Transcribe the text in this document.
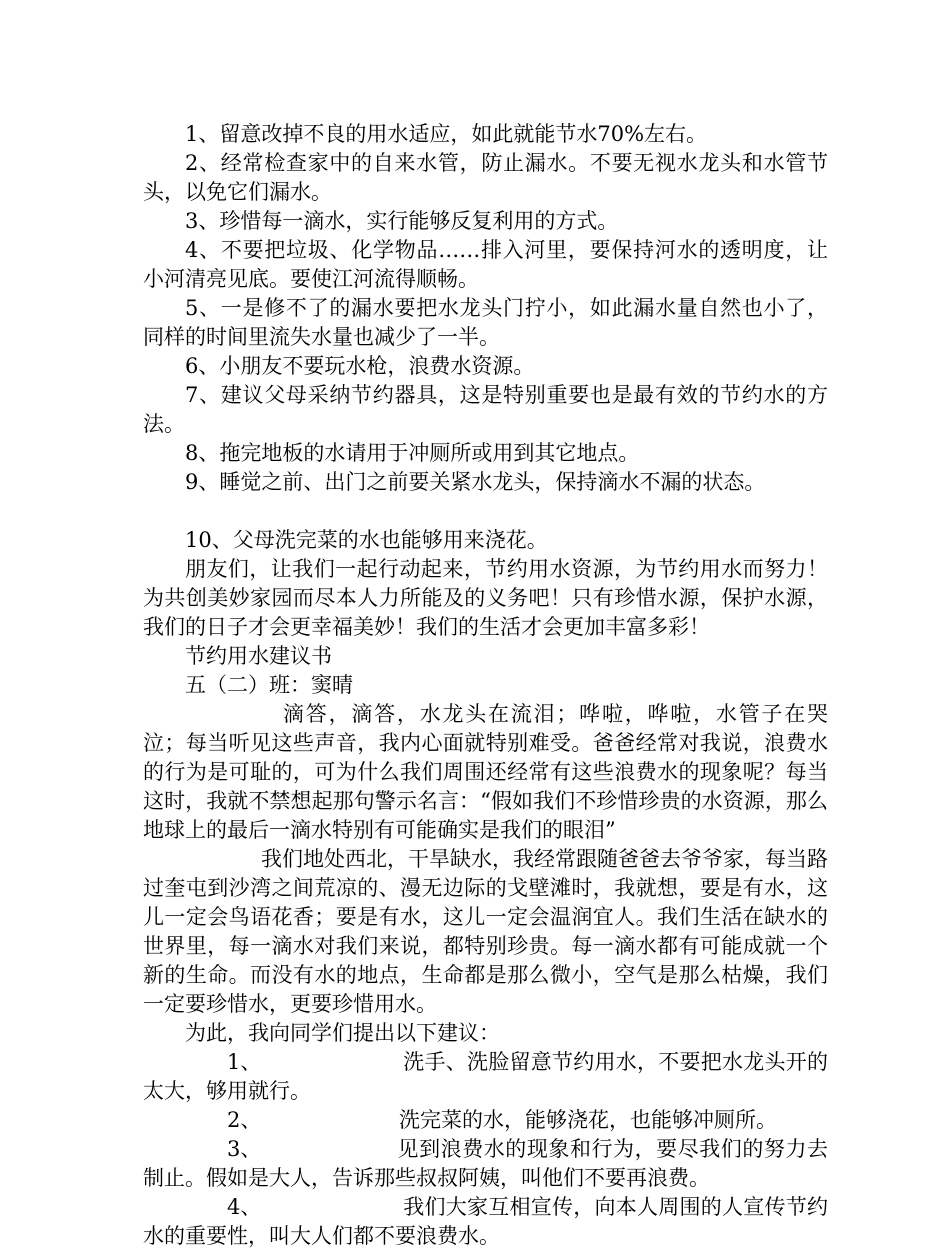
1、留意改掉不良的用水适应，如此就能节水70%左右。

2、经常检查家中的自来水管，防止漏水。不要无视水龙头和水管节头，以免它们漏水。

3、珍惜每一滴水，实行能够反复利用的方式。

4、不要把垃圾、化学物品……排入河里，要保持河水的透明度，让小河清亮见底。要使江河流得顺畅。

5、一是修不了的漏水要把水龙头门拧小，如此漏水量自然也小了，同样的时间里流失水量也减少了一半。

6、小朋友不要玩水枪，浪费水资源。

7、建议父母采纳节约器具，这是特别重要也是最有效的节约水的方法。

8、拖完地板的水请用于冲厕所或用到其它地点。

9、睡觉之前、出门之前要关紧水龙头，保持滴水不漏的状态。

10、父母洗完菜的水也能够用来浇花。

朋友们，让我们一起行动起来，节约用水资源，为节约用水而努力！为共创美妙家园而尽本人力所能及的义务吧！只有珍惜水源，保护水源，我们的日子才会更幸福美妙！我们的生活才会更加丰富多彩！

节约用水建议书

五（二）班：窦晴

滴答，滴答，水龙头在流泪；哗啦，哗啦，水管子在哭泣；每当听见这些声音，我内心面就特别难受。爸爸经常对我说，浪费水的行为是可耻的，可为什么我们周围还经常有这些浪费水的现象呢？每当这时，我就不禁想起那句警示名言：“假如我们不珍惜珍贵的水资源，那么地球上的最后一滴水特别有可能确实是我们的眼泪”

我们地处西北，干旱缺水，我经常跟随爸爸去爷爷家，每当路过奎屯到沙湾之间荒凉的、漫无边际的戈壁滩时，我就想，要是有水，这儿一定会鸟语花香；要是有水，这儿一定会温润宜人。我们生活在缺水的世界里，每一滴水对我们来说，都特别珍贵。每一滴水都有可能成就一个新的生命。而没有水的地点，生命都是那么微小，空气是那么枯燥，我们一定要珍惜水，更要珍惜用水。

为此，我向同学们提出以下建议：

1、	洗手、洗脸留意节约用水，不要把水龙头开的太大，够用就行。

2、	洗完菜的水，能够浇花，也能够冲厕所。

3、	见到浪费水的现象和行为，要尽我们的努力去制止。假如是大人，告诉那些叔叔阿姨，叫他们不要再浪费。

4、	我们大家互相宣传，向本人周围的人宣传节约水的重要性，叫大人们都不要浪费水。
